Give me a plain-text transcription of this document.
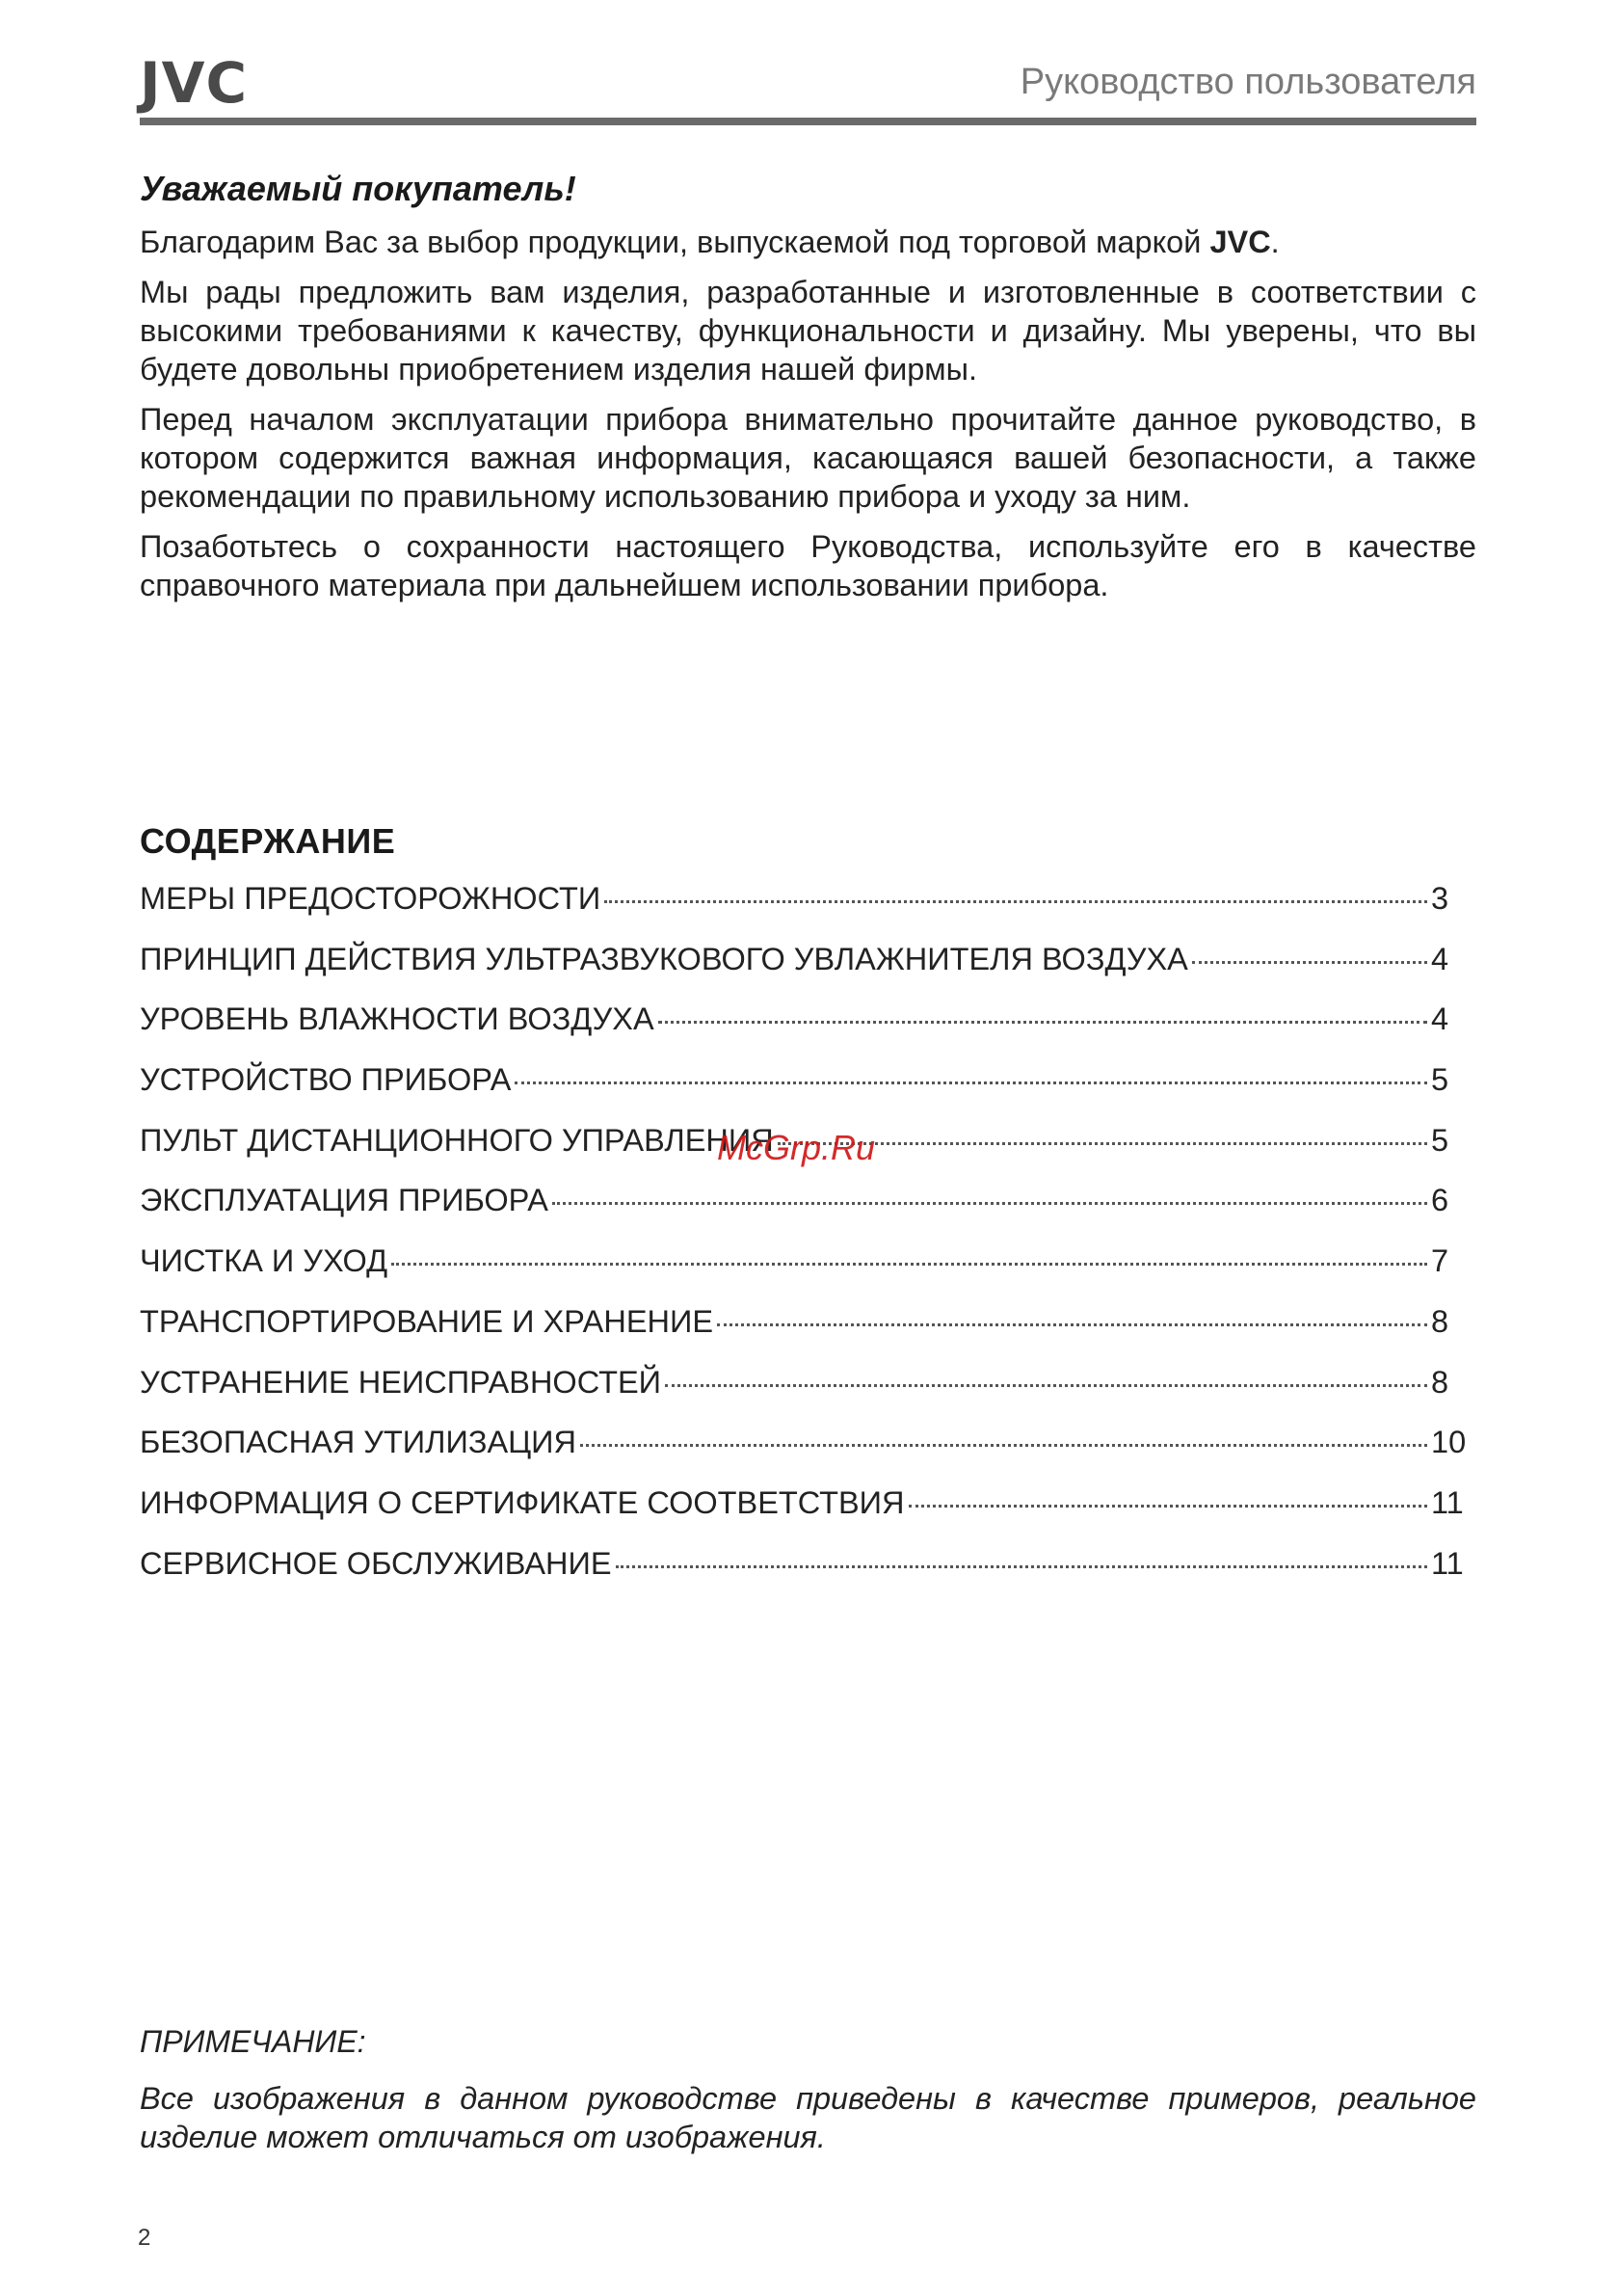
JVC	Руководство пользователя

Уважаемый покупатель!

Благодарим Вас за выбор продукции, выпускаемой под торговой маркой JVC.

Мы рады предложить вам изделия, разработанные и изготовленные в соответствии с высокими требованиями к качеству, функциональности и дизайну. Мы уверены, что вы будете довольны приобретением изделия нашей фирмы.

Перед началом эксплуатации прибора внимательно прочитайте данное руководство, в котором содержится важная информация, касающаяся вашей безопасности, а также рекомендации по правильному использованию прибора и уходу за ним.

Позаботьтесь о сохранности настоящего Руководства, используйте его в качестве справочного материала при дальнейшем использовании прибора.

СОДЕРЖАНИЕ

МЕРЫ ПРЕДОСТОРОЖНОСТИ	3
ПРИНЦИП ДЕЙСТВИЯ УЛЬТРАЗВУКОВОГО УВЛАЖНИТЕЛЯ ВОЗДУХА	4
УРОВЕНЬ ВЛАЖНОСТИ ВОЗДУХА	4
УСТРОЙСТВО ПРИБОРА	5
ПУЛЬТ ДИСТАНЦИОННОГО УПРАВЛЕНИЯ	5
ЭКСПЛУАТАЦИЯ ПРИБОРА	6
ЧИСТКА И УХОД	7
ТРАНСПОРТИРОВАНИЕ И ХРАНЕНИЕ	8
УСТРАНЕНИЕ НЕИСПРАВНОСТЕЙ	8
БЕЗОПАСНАЯ УТИЛИЗАЦИЯ	10
ИНФОРМАЦИЯ О СЕРТИФИКАТЕ СООТВЕТСТВИЯ	11
СЕРВИСНОЕ ОБСЛУЖИВАНИЕ	11
McGrp.Ru

ПРИМЕЧАНИЕ:

Все изображения в данном руководстве приведены в качестве примеров, реальное изделие может отличаться от изображения.

2
